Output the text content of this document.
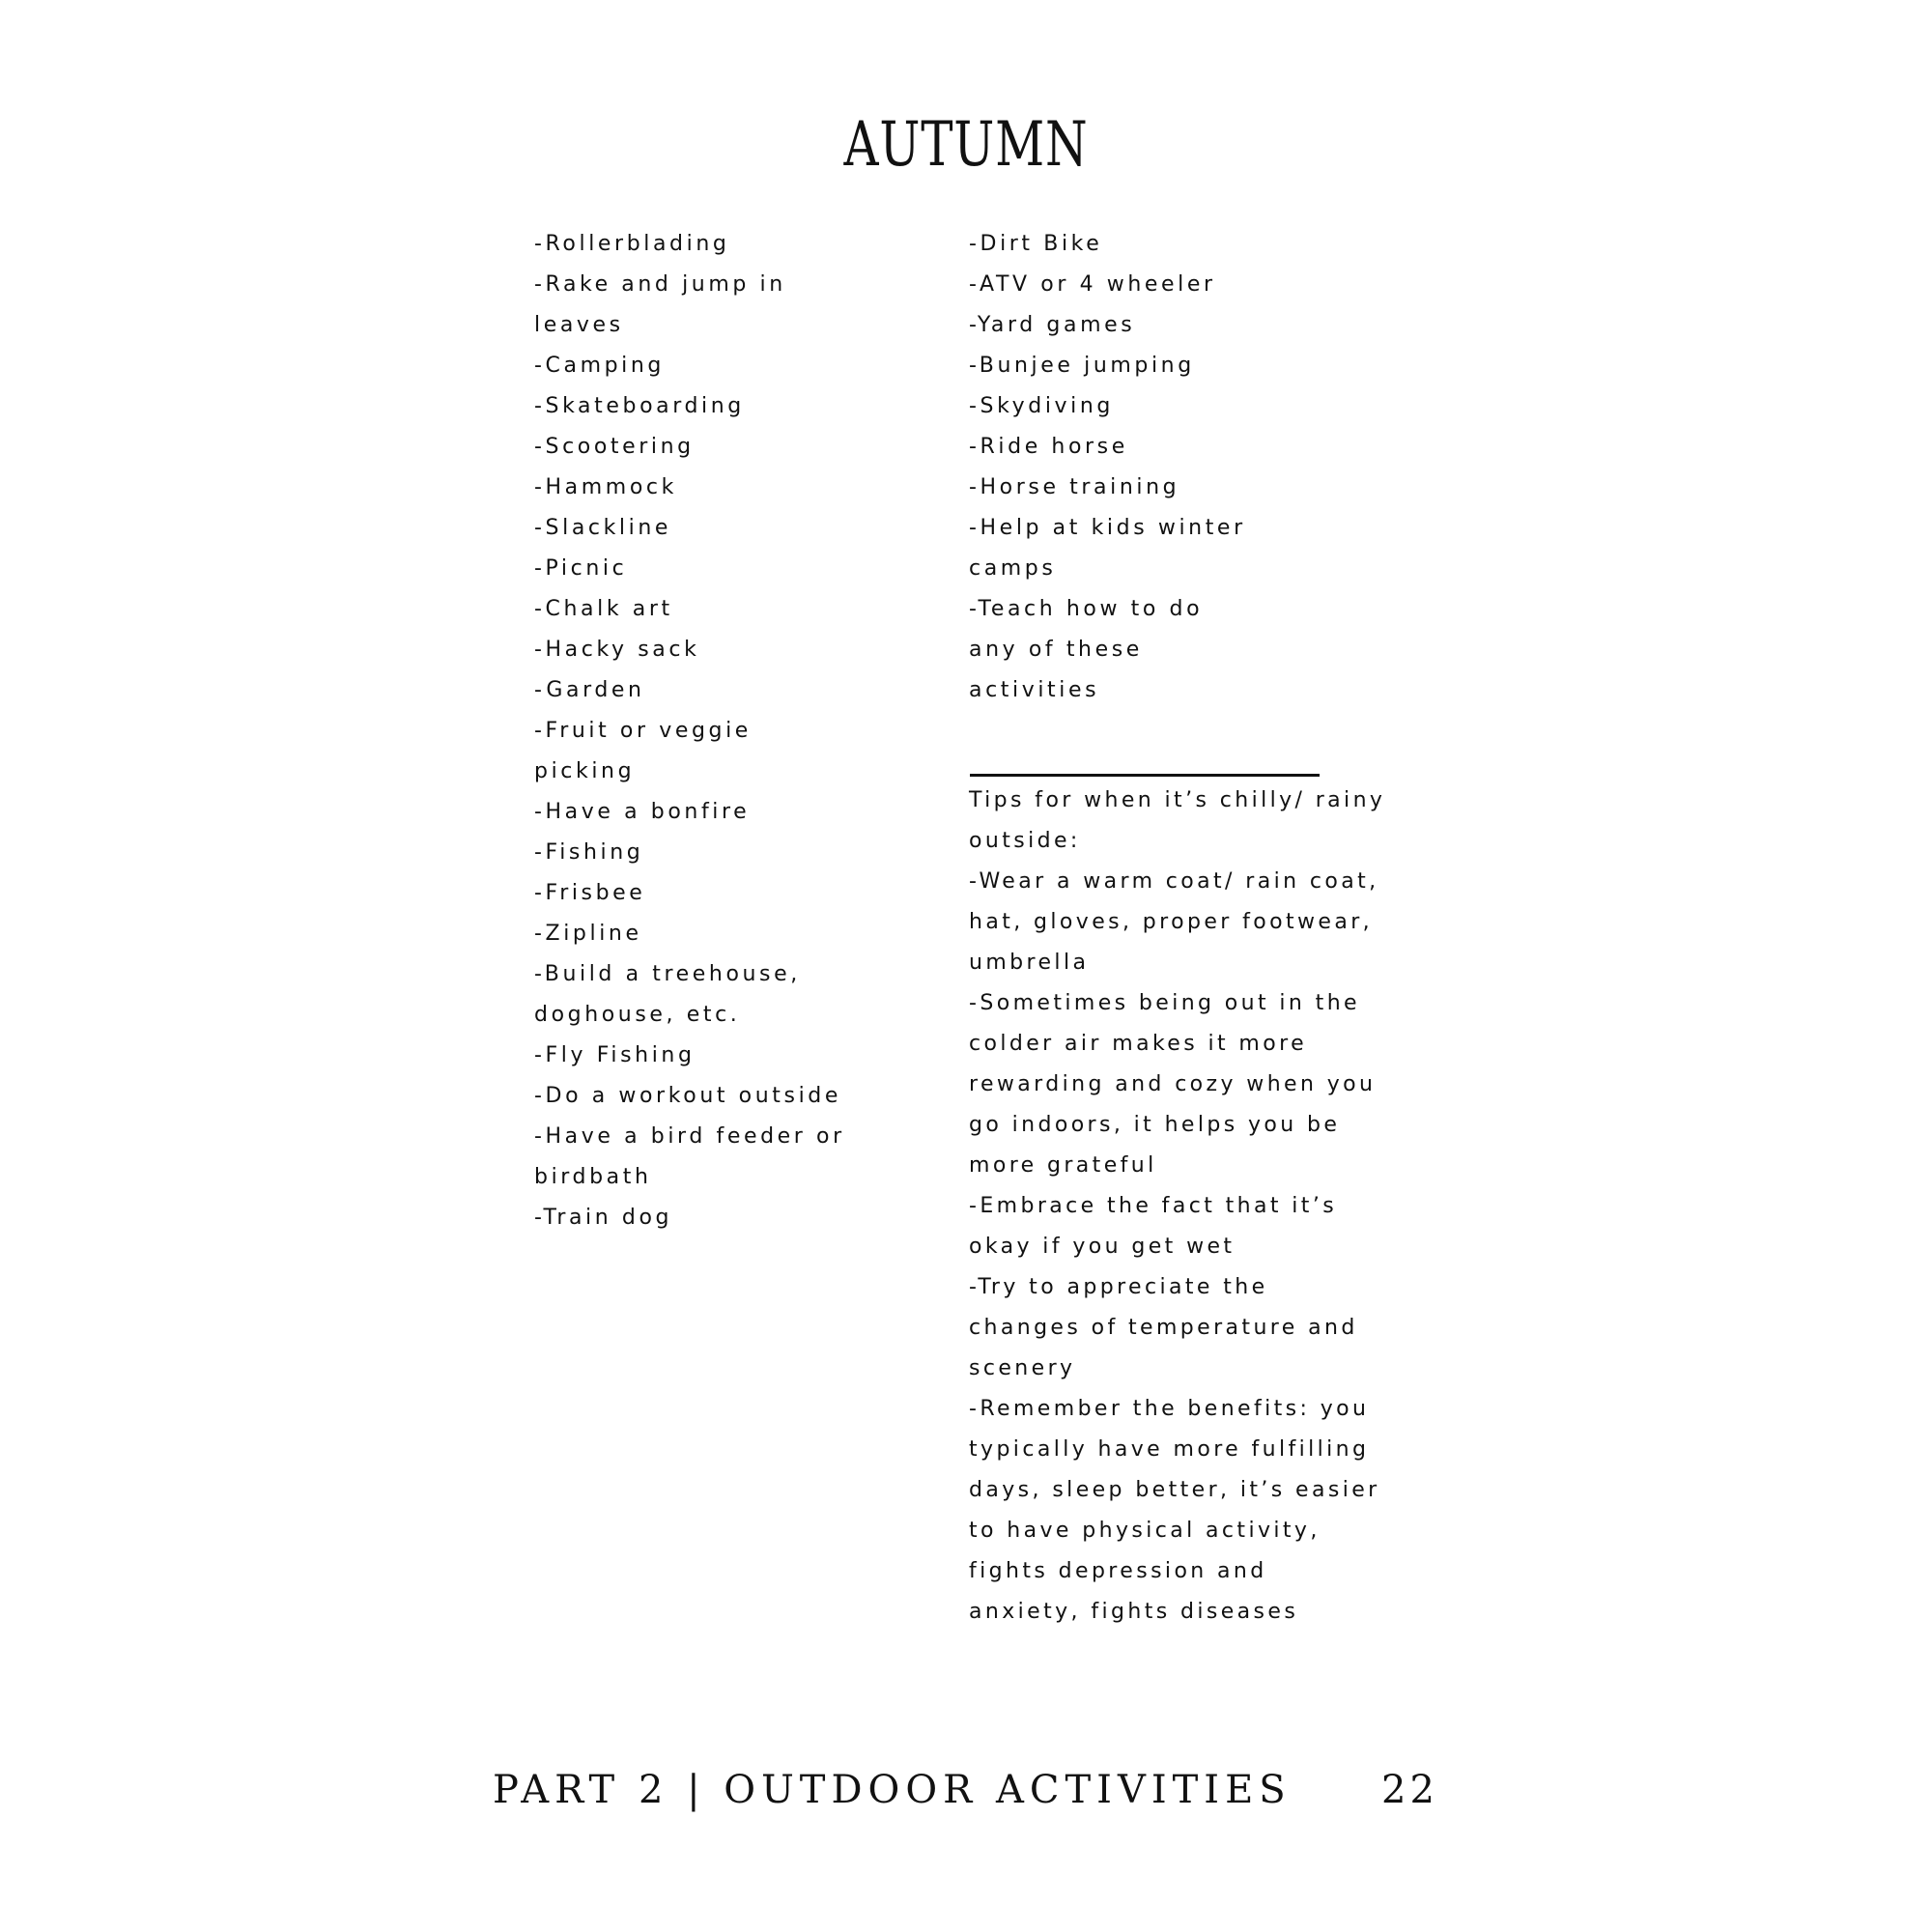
AUTUMN
-Rollerblading
-Rake and jump in
leaves
-Camping
-Skateboarding
-Scootering
-Hammock
-Slackline
-Picnic
-Chalk art
-Hacky sack
-Garden
-Fruit or veggie
picking
-Have a bonfire
-Fishing
-Frisbee
-Zipline
-Build a treehouse,
doghouse, etc.
-Fly Fishing
-Do a workout outside
-Have a bird feeder or
birdbath
-Train dog
-Dirt Bike
-ATV or 4 wheeler
-Yard games
-Bunjee jumping
-Skydiving
-Ride horse
-Horse training
-Help at kids winter
camps
-Teach how to do
any of these
activities
Tips for when it’s chilly/ rainy
outside:
-Wear a warm coat/ rain coat,
hat, gloves, proper footwear,
umbrella
-Sometimes being out in the
colder air makes it more
rewarding and cozy when you
go indoors, it helps you be
more grateful
-Embrace the fact that it’s
okay if you get wet
-Try to appreciate the
changes of temperature and
scenery
-Remember the benefits: you
typically have more fulfilling
days, sleep better, it’s easier
to have physical activity,
fights depression and
anxiety, fights diseases
PART 2 | OUTDOOR ACTIVITIES 22
